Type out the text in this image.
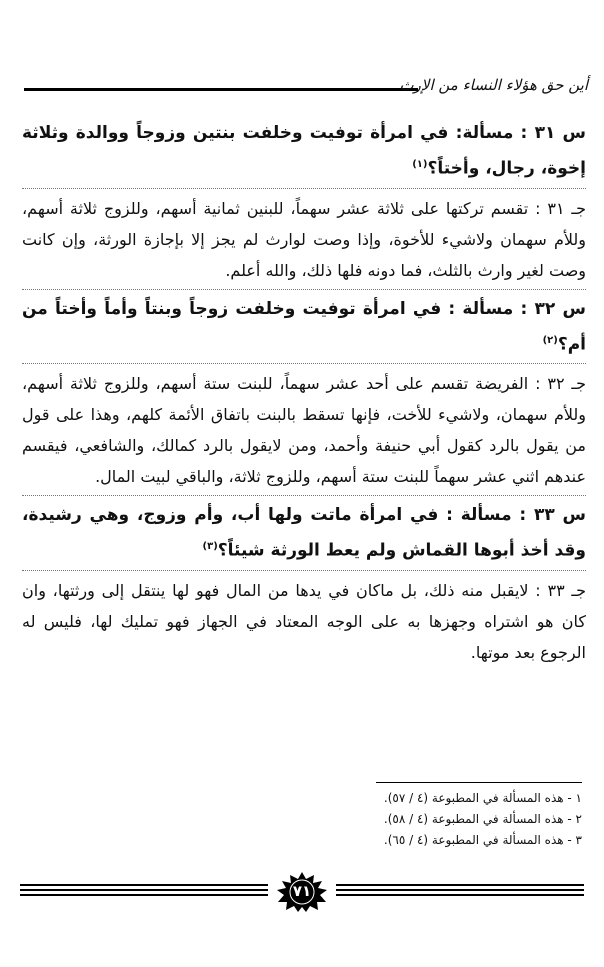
أين حق هؤلاء النساء من الإرث

س ٣١ : مسألة: في امرأة توفيت وخلفت بنتين وزوجاً ووالدة وثلاثة إخوة، رجال، وأختاً؟$^{(١)}$

جـ ٣١ : تقسم تركتها على ثلاثة عشر سهماً، للبنين ثمانية أسهم، وللزوج ثلاثة أسهم، وللأم سهمان ولاشيء للأخوة، وإذا وصت لوارث لم يجز إلا بإجازة الورثة، وإن كانت وصت لغير وارث بالثلث، فما دونه فلها ذلك، والله أعلم.

س ٣٢ : مسألة : في امرأة توفيت وخلفت زوجاً وبنتاً وأماً وأختاً من أم؟$^{(٢)}$

جـ ٣٢ : الفريضة تقسم على أحد عشر سهماً، للبنت ستة أسهم، وللزوج ثلاثة أسهم، وللأم سهمان، ولاشيء للأخت، فإنها تسقط بالبنت باتفاق الأئمة كلهم، وهذا على قول من يقول بالرد كقول أبي حنيفة وأحمد، ومن لايقول بالرد كمالك، والشافعي، فيقسم عندهم اثني عشر سهماً للبنت ستة أسهم، وللزوج ثلاثة، والباقي لبيت المال.

س ٣٣ : مسألة : في امرأة ماتت ولها أب، وأم وزوج، وهي رشيدة، وقد أخذ أبوها القماش ولم يعط الورثة شيئاً؟$^{(٣)}$

جـ ٣٣ : لايقبل منه ذلك، بل ماكان في يدها من المال فهو لها ينتقل إلى ورثتها، وان كان هو اشتراه وجهزها به على الوجه المعتاد في الجهاز فهو تمليك لها، فليس له الرجوع بعد موتها.

١ - هذه المسألة في المطبوعة (٤ / ٥٧).
٢ - هذه المسألة في المطبوعة (٤ / ٥٨).
٣ - هذه المسألة في المطبوعة (٤ / ٦٥).
٧١
